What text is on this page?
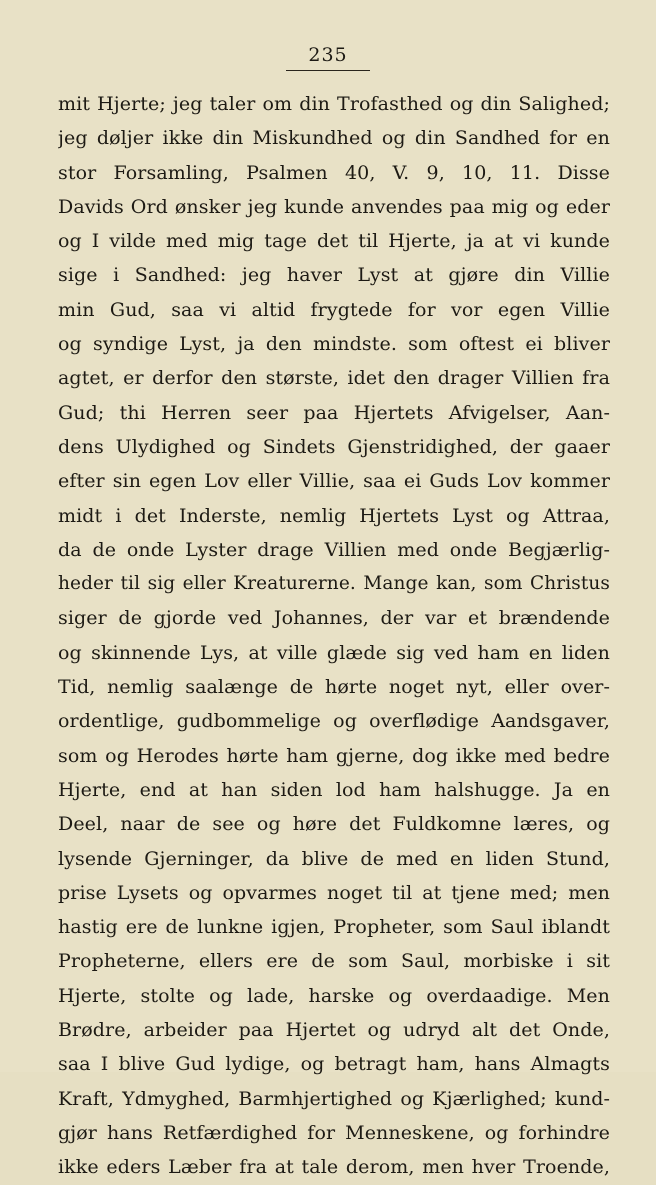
235
mit Hjerte; jeg taler om din Trofasthed og din Salighed;
jeg døljer ikke din Miskundhed og din Sandhed for en
stor Forsamling, Psalmen 40, V. 9, 10, 11. Disse
Davids Ord ønsker jeg kunde anvendes paa mig og eder
og I vilde med mig tage det til Hjerte, ja at vi kunde
sige i Sandhed: jeg haver Lyst at gjøre din Villie
min Gud, saa vi altid frygtede for vor egen Villie
og syndige Lyst, ja den mindste. som oftest ei bliver
agtet, er derfor den største, idet den drager Villien fra
Gud; thi Herren seer paa Hjertets Afvigelser, Aan-
dens Ulydighed og Sindets Gjenstridighed, der gaaer
efter sin egen Lov eller Villie, saa ei Guds Lov kommer
midt i det Inderste, nemlig Hjertets Lyst og Attraa,
da de onde Lyster drage Villien med onde Begjærlig-
heder til sig eller Kreaturerne. Mange kan, som Christus
siger de gjorde ved Johannes, der var et brændende
og skinnende Lys, at ville glæde sig ved ham en liden
Tid, nemlig saalænge de hørte noget nyt, eller over-
ordentlige, gudbommelige og overflødige Aandsgaver,
som og Herodes hørte ham gjerne, dog ikke med bedre
Hjerte, end at han siden lod ham halshugge. Ja en
Deel, naar de see og høre det Fuldkomne læres, og
lysende Gjerninger, da blive de med en liden Stund,
prise Lysets og opvarmes noget til at tjene med; men
hastig ere de lunkne igjen, Propheter, som Saul iblandt
Propheterne, ellers ere de som Saul, morbiske i sit
Hjerte, stolte og lade, harske og overdaadige. Men
Brødre, arbeider paa Hjertet og udryd alt det Onde,
saa I blive Gud lydige, og betragt ham, hans Almagts
Kraft, Ydmyghed, Barmhjertighed og Kjærlighed; kund-
gjør hans Retfærdighed for Menneskene, og forhindre
ikke eders Læber fra at tale derom, men hver Troende,
